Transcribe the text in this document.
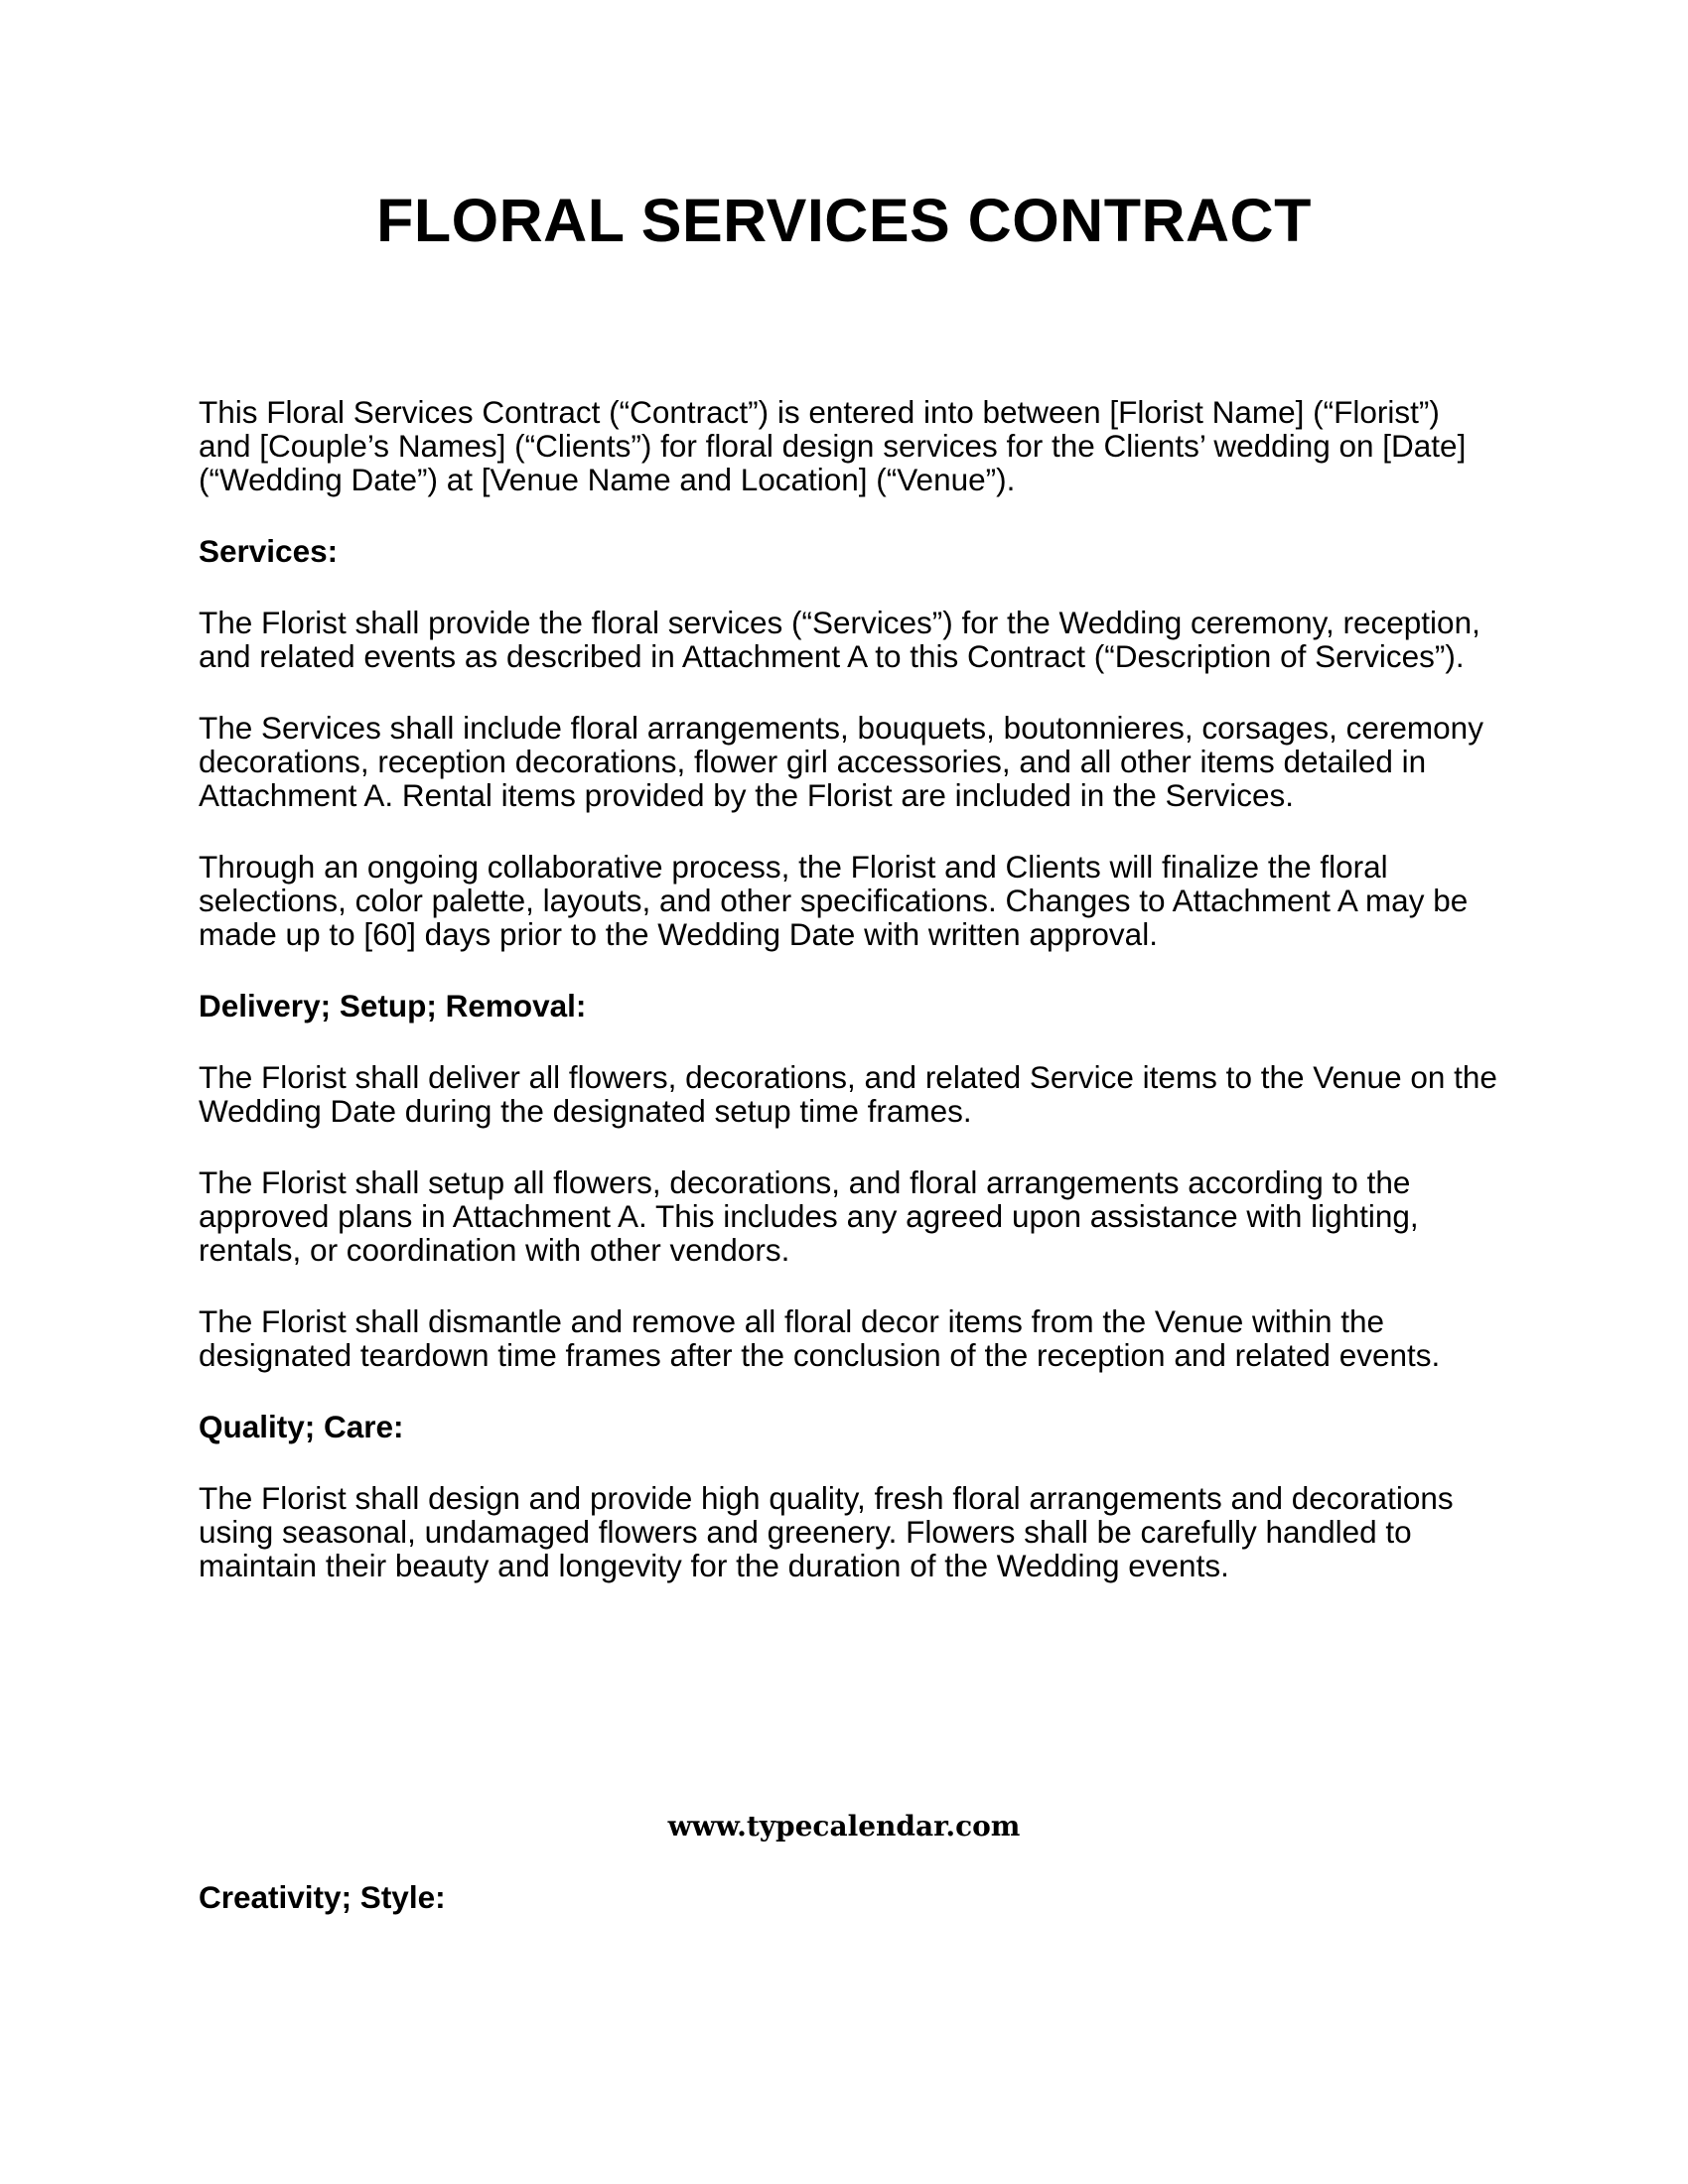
FLORAL SERVICES CONTRACT

This Floral Services Contract (“Contract”) is entered into between [Florist Name] (“Florist”) and [Couple’s Names] (“Clients”) for floral design services for the Clients’ wedding on [Date] (“Wedding Date”) at [Venue Name and Location] (“Venue”).

Services:

The Florist shall provide the floral services (“Services”) for the Wedding ceremony, reception, and related events as described in Attachment A to this Contract (“Description of Services”).

The Services shall include floral arrangements, bouquets, boutonnieres, corsages, ceremony decorations, reception decorations, flower girl accessories, and all other items detailed in Attachment A. Rental items provided by the Florist are included in the Services.

Through an ongoing collaborative process, the Florist and Clients will finalize the floral selections, color palette, layouts, and other specifications. Changes to Attachment A may be made up to [60] days prior to the Wedding Date with written approval.

Delivery; Setup; Removal:

The Florist shall deliver all flowers, decorations, and related Service items to the Venue on the Wedding Date during the designated setup time frames.

The Florist shall setup all flowers, decorations, and floral arrangements according to the approved plans in Attachment A. This includes any agreed upon assistance with lighting, rentals, or coordination with other vendors.

The Florist shall dismantle and remove all floral decor items from the Venue within the designated teardown time frames after the conclusion of the reception and related events.

Quality; Care:

The Florist shall design and provide high quality, fresh floral arrangements and decorations using seasonal, undamaged flowers and greenery. Flowers shall be carefully handled to maintain their beauty and longevity for the duration of the Wedding events.

www.typecalendar.com

Creativity; Style:
